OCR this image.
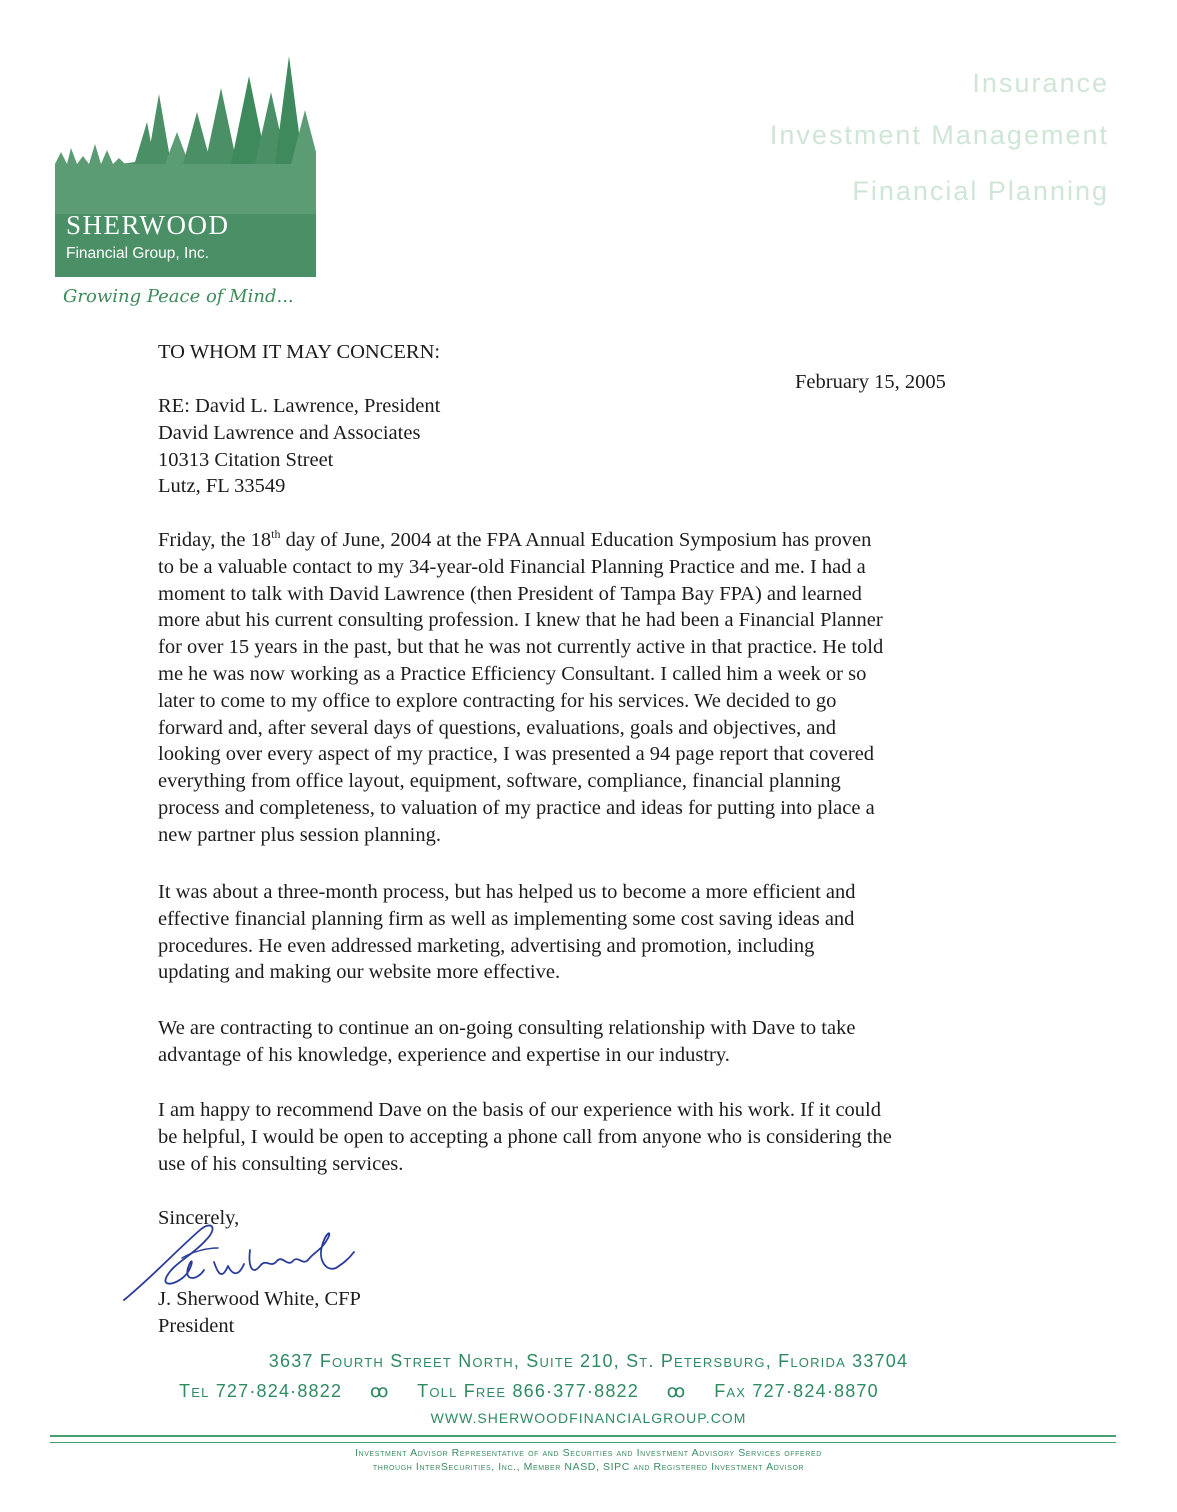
SHERWOOD
Financial Group, Inc.
Growing Peace of Mind...
Insurance
Investment Management
Financial Planning
TO WHOM IT MAY CONCERN:
February 15, 2005
RE: David L. Lawrence, President
David Lawrence and Associates
10313 Citation Street
Lutz, FL 33549
Friday, the 18th day of June, 2004 at the FPA Annual Education Symposium has proven
to be a valuable contact to my 34-year-old Financial Planning Practice and me. I had a
moment to talk with David Lawrence (then President of Tampa Bay FPA) and learned
more abut his current consulting profession. I knew that he had been a Financial Planner
for over 15 years in the past, but that he was not currently active in that practice. He told
me he was now working as a Practice Efficiency Consultant. I called him a week or so
later to come to my office to explore contracting for his services. We decided to go
forward and, after several days of questions, evaluations, goals and objectives, and
looking over every aspect of my practice, I was presented a 94 page report that covered
everything from office layout, equipment, software, compliance, financial planning
process and completeness, to valuation of my practice and ideas for putting into place a
new partner plus session planning.
It was about a three-month process, but has helped us to become a more efficient and
effective financial planning firm as well as implementing some cost saving ideas and
procedures. He even addressed marketing, advertising and promotion, including
updating and making our website more effective.
We are contracting to continue an on-going consulting relationship with Dave to take
advantage of his knowledge, experience and expertise in our industry.
I am happy to recommend Dave on the basis of our experience with his work. If it could
be helpful, I would be open to accepting a phone call from anyone who is considering the
use of his consulting services.
Sincerely,
J. Sherwood White, CFP
President
3637 Fourth Street North, Suite 210, St. Petersburg, Florida 33704
Tel 727·824·8822 ꝏ Toll Free 866·377·8822 ꝏ Fax 727·824·8870
WWW.SHERWOODFINANCIALGROUP.COM
Investment Advisor Representative of and Securities and Investment Advisory Services offered
through InterSecurities, Inc., Member NASD, SIPC and Registered Investment Advisor
